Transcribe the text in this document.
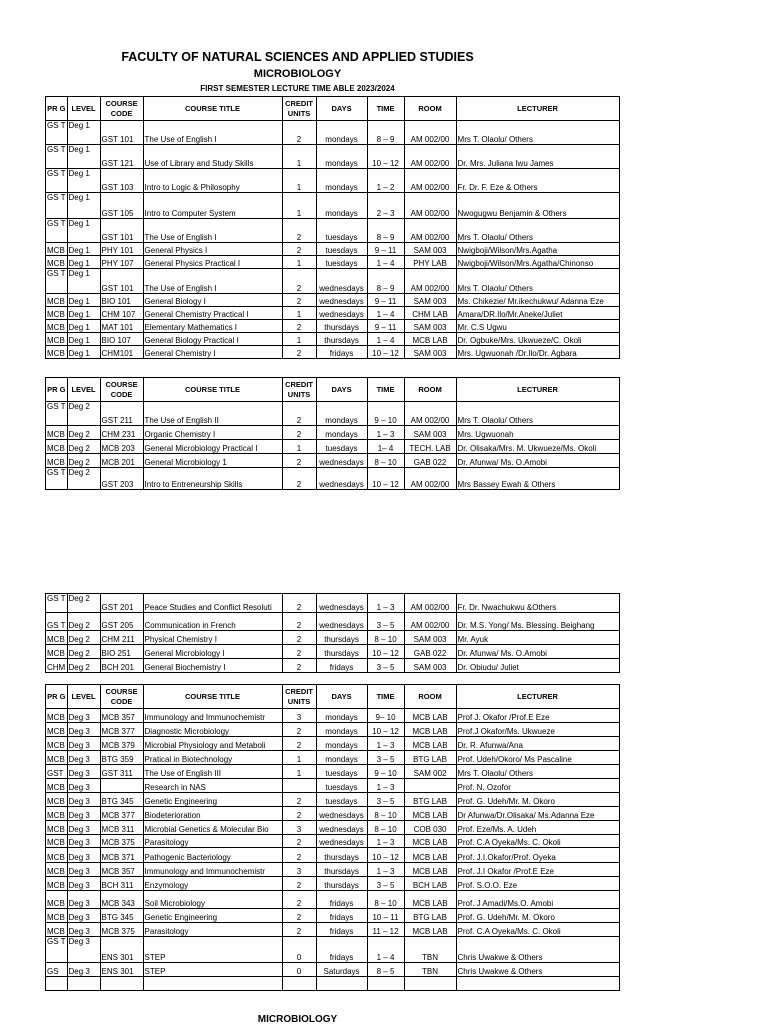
FACULTY OF NATURAL SCIENCES AND APPLIED STUDIES
MICROBIOLOGY
FIRST SEMESTER LECTURE TIME ABLE 2023/2024
PR G	LEVEL	COURSE CODE	COURSE TITLE	CREDIT UNITS	DAYS	TIME	ROOM	LECTURER
GS T	Deg 1	GST 101	The Use of English I	2	mondays	8 – 9	AM 002/00	Mrs T. Olaolu/ Others
GS T	Deg 1	GST 121	Use of Library and Study Skills	1	mondays	10 – 12	AM 002/00	Dr. Mrs. Juliana Iwu James
GS T	Deg 1	GST 103	Intro to Logic & Philosophy	1	mondays	1 – 2	AM 002/00	Fr. Dr. F. Eze & Others
GS T	Deg 1	GST 105	Intro to Computer System	1	mondays	2 – 3	AM 002/00	Nwogugwu Benjamin & Others
GS T	Deg 1	GST 101	The Use of English I	2	tuesdays	8 – 9	AM 002/00	Mrs T. Olaolu/ Others
MCB	Deg 1	PHY 101	General Physics I	2	tuesdays	9 – 11	SAM 003	Nwigboji/Wilson/Mrs.Agatha
MCB	Deg 1	PHY 107	General Physics Practical I	1	tuesdays	1 – 4	PHY LAB	Nwigboji/Wilson/Mrs.Agatha/Chinonso
GS T	Deg 1	GST 101	The Use of English I	2	wednesdays	8 – 9	AM 002/00	Mrs T. Olaolu/ Others
MCB	Deg 1	BIO 101	General Biology I	2	wednesdays	9 – 11	SAM 003	Ms. Chikezie/ Mr.ikechukwu/ Adanna Eze
MCB	Deg 1	CHM 107	General Chemistry Practical I	1	wednesdays	1 – 4	CHM LAB	Amara/DR.Ilo/Mr.Aneke/Juliet
MCB	Deg 1	MAT 101	Elementary Mathematics I	2	thursdays	9 – 11	SAM 003	Mr. C.S Ugwu
MCB	Deg 1	BIO 107	General Biology Practical I	1	thursdays	1 – 4	MCB LAB	Dr. Ogbuke/Mrs. Ukwueze/C. Okoli
MCB	Deg 1	CHM101	General Chemistry I	2	fridays	10 – 12	SAM 003	Mrs. Ugwuonah /Dr.Ilo/Dr. Agbara
PR G	LEVEL	COURSE CODE	COURSE TITLE	CREDIT UNITS	DAYS	TIME	ROOM	LECTURER
GS T	Deg 2	GST 211	The Use of English II	2	mondays	9 – 10	AM 002/00	Mrs T. Olaolu/ Others
MCB	Deg 2	CHM 231	Organic Chemistry I	2	mondays	1 – 3	SAM 003	Mrs. Ugwuonah
MCB	Deg 2	MCB 203	General Microbiology Practical I	1	tuesdays	1– 4	TECH. LAB	Dr. Olisaka/Mrs. M. Ukwueze/Ms. Okoli
MCB	Deg 2	MCB 201	General Microbiology 1	2	wednesdays	8 – 10	GAB 022	Dr. Afunwa/ Ms. O.Amobi
GS T	Deg 2	GST 203	Intro to Entreneurship Skills	2	wednesdays	10 – 12	AM 002/00	Mrs Bassey Ewah & Others
GS T	Deg 2	GST 201	Peace Studies and Conflict Resoluti	2	wednesdays	1 – 3	AM 002/00	Fr. Dr. Nwachukwu &Others
GS T	Deg 2	GST 205	Communication in French	2	wednesdays	3 – 5	AM 002/00	Dr. M.S. Yong/ Ms. Blessing. Beighang
MCB	Deg 2	CHM 211	Physical Chemistry I	2	thursdays	8 – 10	SAM 003	Mr. Ayuk
MCB	Deg 2	BIO 251	General Microbiology I	2	thursdays	10 – 12	GAB 022	Dr. Afunwa/ Ms. O.Amobi
CHM	Deg 2	BCH 201	General Biochemistry I	2	fridays	3 – 5	SAM 003	Dr. Obiudu/ Juliet
PR G	LEVEL	COURSE CODE	COURSE TITLE	CREDIT UNITS	DAYS	TIME	ROOM	LECTURER
MCB	Deg 3	MCB 357	Immunology and Immunochemistr	3	mondays	9– 10	MCB LAB	Prof J. Okafor /Prof.E Eze
MCB	Deg 3	MCB 377	Diagnostic Microbiology	2	mondays	10 – 12	MCB LAB	Prof.J Okafor/Ms. Ukwueze
MCB	Deg 3	MCB 379	Microbial Physiology and Metaboli	2	mondays	1 – 3	MCB LAB	Dr. R. Afunwa/Ana
MCB	Deg 3	BTG 359	Pratical in Biotechnology	1	mondays	3 – 5	BTG LAB	Prof. Udeh/Okoro/ Ms Pascaline
GST	Deg 3	GST 311	The Use of English III	1	tuesdays	9 – 10	SAM 002	Mrs T. Olaolu/ Others
MCB	Deg 3		Research in NAS		tuesdays	1 – 3		Prof. N. Ozofor
MCB	Deg 3	BTG 345	Genetic Engineering	2	tuesdays	3 – 5	BTG LAB	Prof. G. Udeh/Mr. M. Okoro
MCB	Deg 3	MCB 377	Biodeterioration	2	wednesdays	8 – 10	MCB LAB	Dr Afunwa/Dr.Olisaka/ Ms.Adanna Eze
MCB	Deg 3	MCB 311	Microbial Genetics & Molecular Bio	3	wednesdays	8 – 10	COB 030	Prof. Eze/Ms. A. Udeh
MCB	Deg 3	MCB 375	Parasitology	2	wednesdays	1 – 3	MCB LAB	Prof. C.A Oyeka/Ms. C. Okoli
MCB	Deg 3	MCB 371	Pathogenic Bacteriology	2	thursdays	10 – 12	MCB LAB	Prof. J.I.Okafor/Prof. Oyeka
MCB	Deg 3	MCB 357	Immunology and Immunochemistr	3	thursdays	1 – 3	MCB LAB	Prof. J.I Okafor /Prof.E Eze
MCB	Deg 3	BCH 311	Enzymology	2	thursdays	3 – 5	BCH LAB	Prof. S.O.O. Eze
MCB	Deg 3	MCB 343	Soil Microbiology	2	fridays	8 – 10	MCB LAB	Prof. J Amadi/Ms.O. Amobi
MCB	Deg 3	BTG 345	Genetic Engineering	2	fridays	10 – 11	BTG LAB	Prof. G. Udeh/Mr. M. Okoro
MCB	Deg 3	MCB 375	Parasitology	2	fridays	11 – 12	MCB LAB	Prof. C.A Oyeka/Ms. C. Okoli
GS T	Deg 3	ENS 301	STEP	0	fridays	1 – 4	TBN	Chris Uwakwe & Others
GS	Deg 3	ENS 301	STEP	0	Saturdays	8 – 5	TBN	Chris Uwakwe & Others

MICROBIOLOGY
